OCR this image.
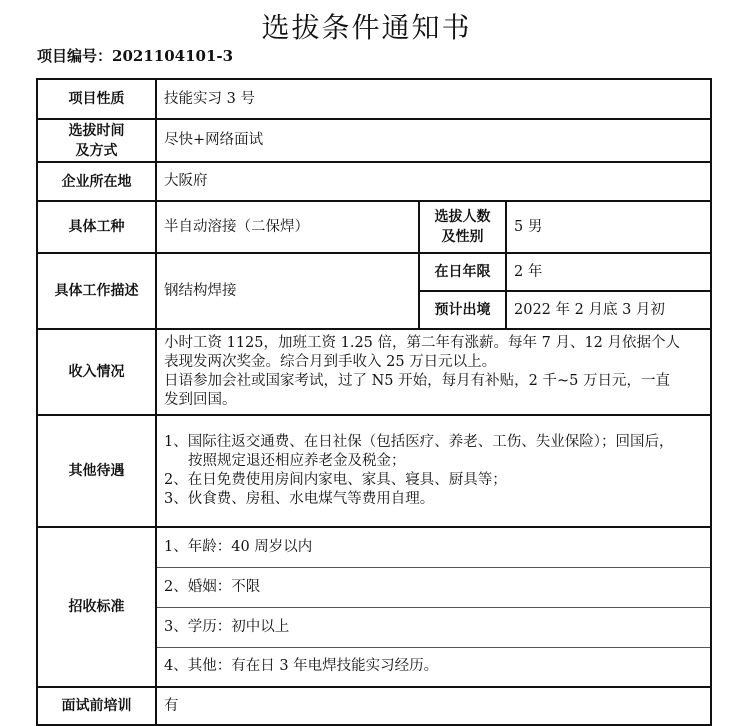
选拔条件通知书
项目编号：2021104101-3
项目性质	技能实习 3 号		

选拔时间
及方式	尽快+网络面试		
企业所在地	大阪府		
具体工种	半自动溶接（二保焊）	选拔人数
及性别	5 男
具体工作描述	钢结构焊接	在日年限	2 年
		预计出境	2022 年 2 月底 3 月初
收入情况	小时工资 1125，加班工资 1.25 倍，第二年有涨薪。每年 7 月、12 月依据个人
表现发两次奖金。综合月到手收入 25 万日元以上。
日语参加会社或国家考试，过了 N5 开始，每月有补贴，2 千~5 万日元，一直
发到回国。		

其他待遇	1、国际往返交通费、在日社保（包括医疗、养老、工伤、失业保险）；回国后，
按照规定退还相应养老金及税金；
2、在日免费使用房间内家电、家具、寝具、厨具等；
3、伙食费、房租、水电煤气等费用自理。		

招收标准	1、年龄：40 周岁以内		
	2、婚姻：不限		
	3、学历：初中以上		
	4、其他：有在日 3 年电焊技能实习经历。		
面试前培训	有		
